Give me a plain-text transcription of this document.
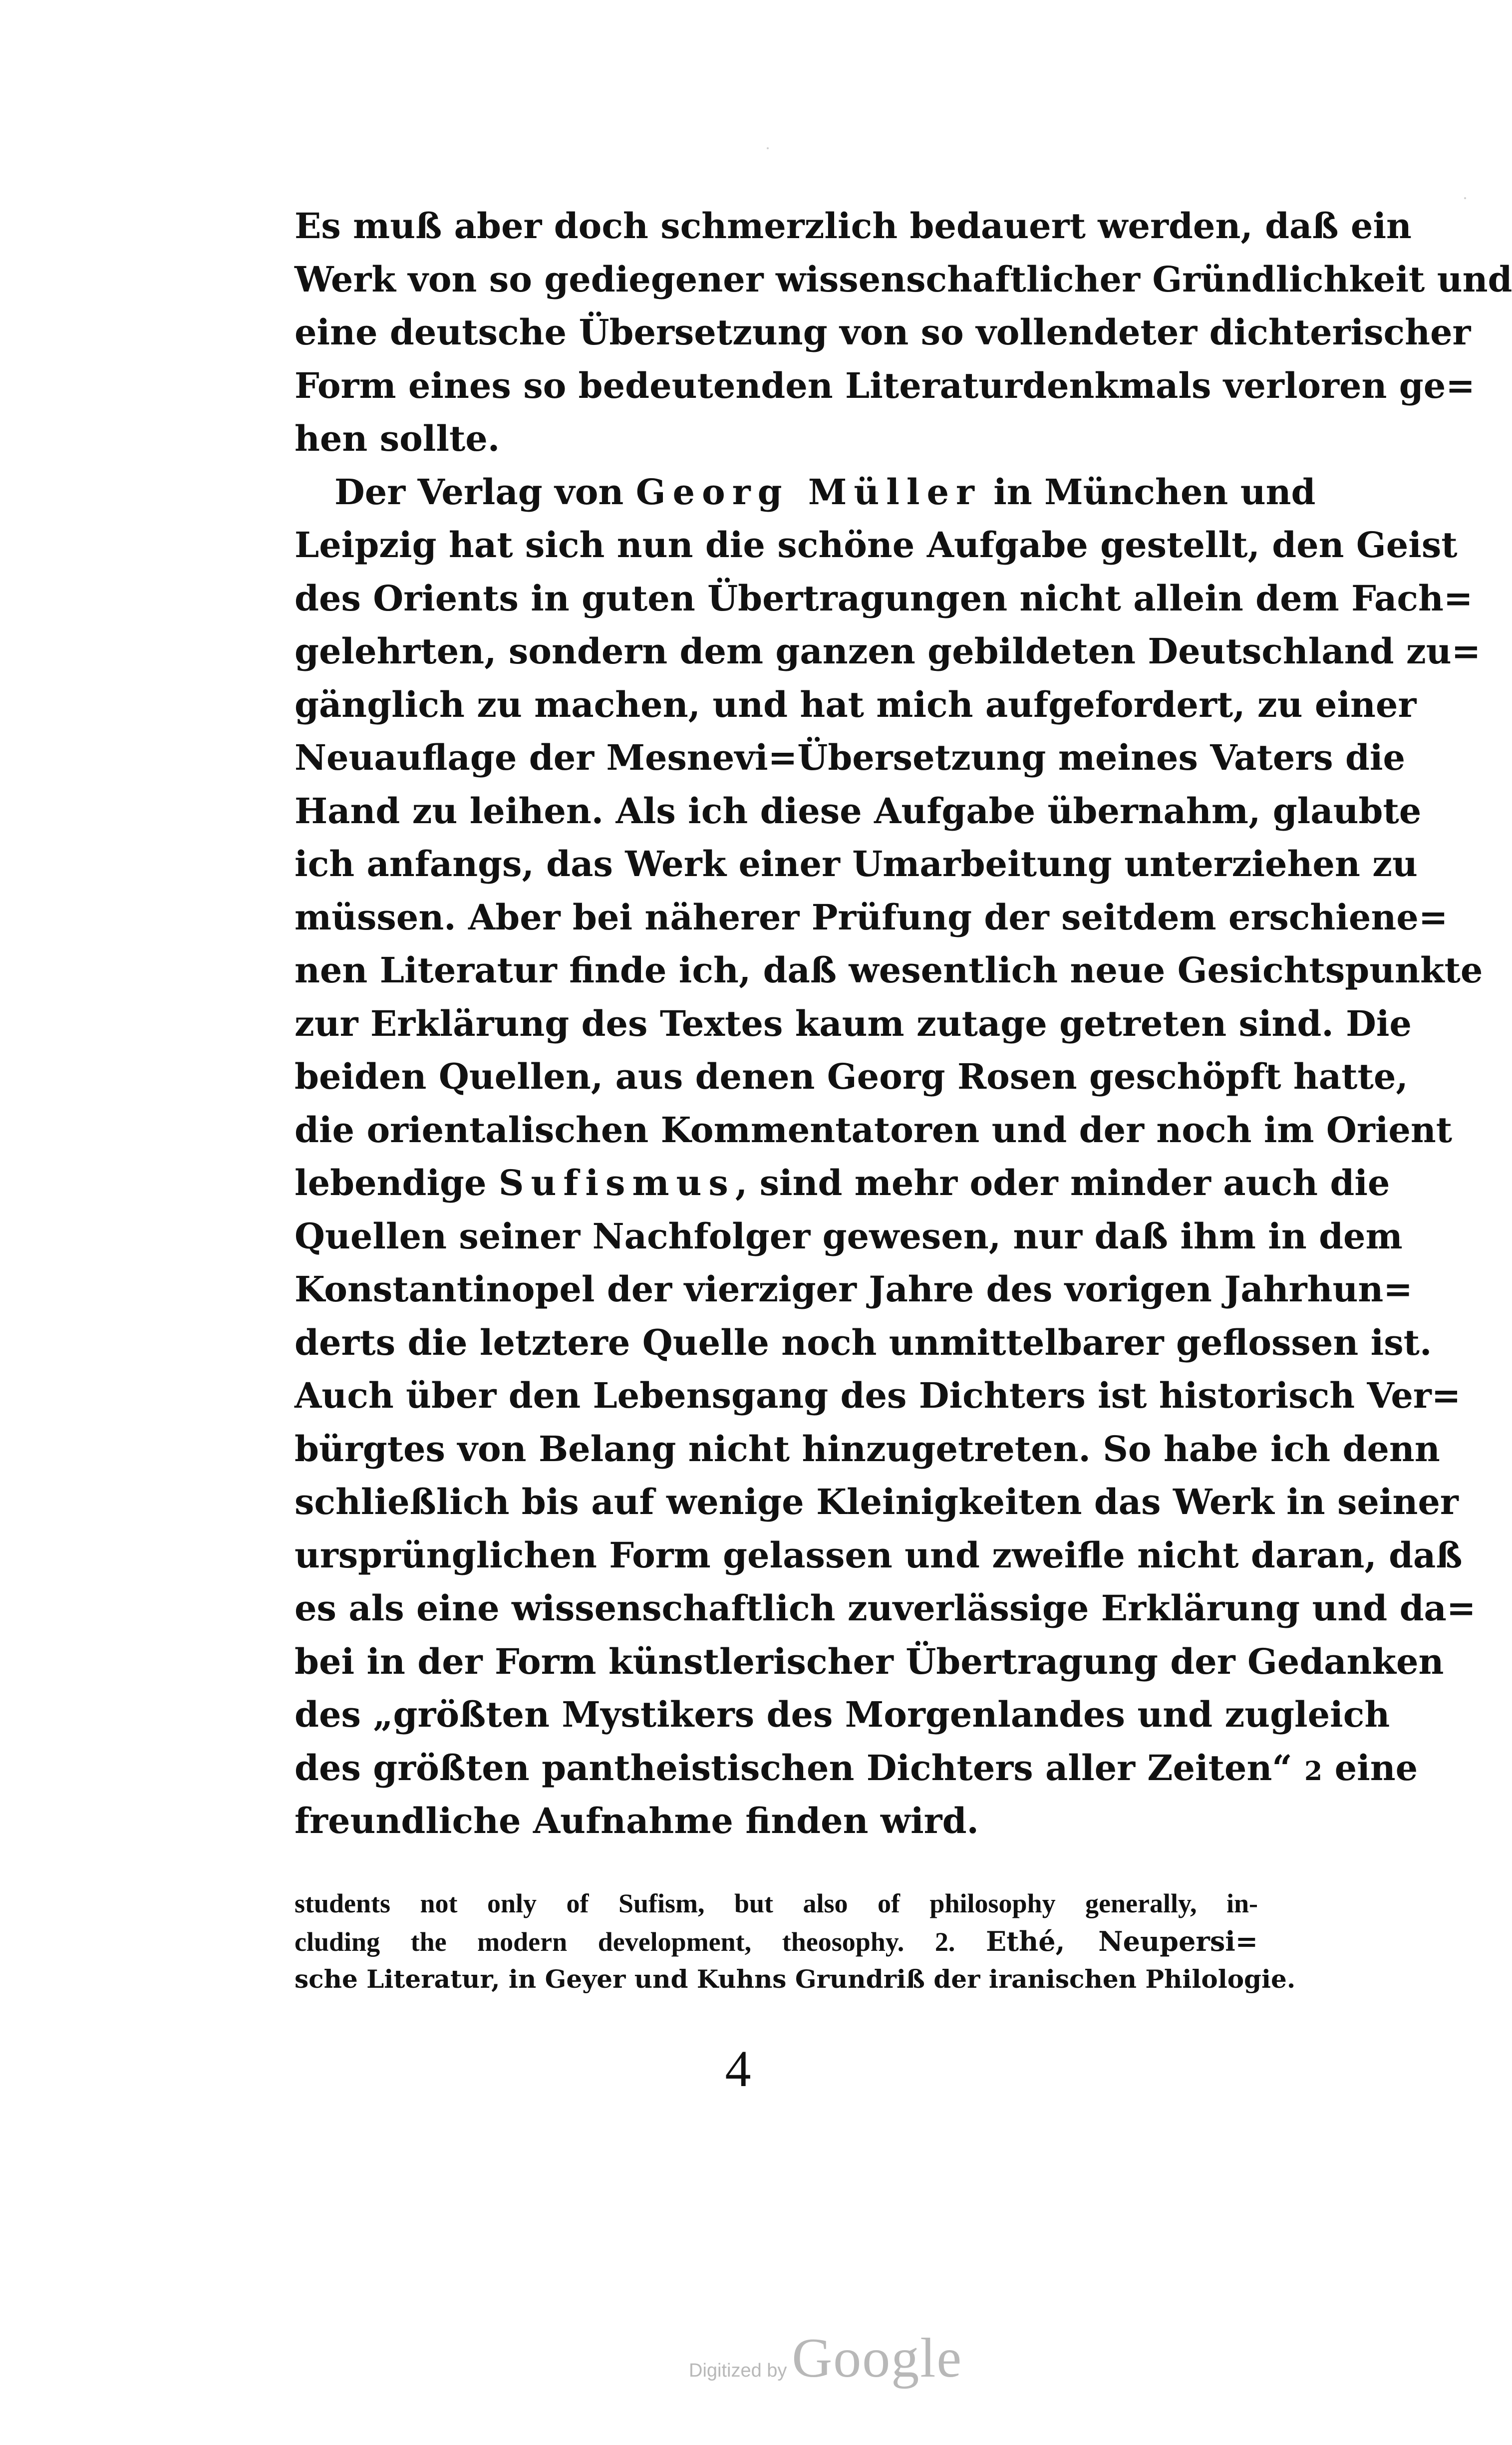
Es muß aber doch schmerzlich bedauert werden, daß ein
Werk von so gediegener wissenschaftlicher Gründlichkeit und
eine deutsche Übersetzung von so vollendeter dichterischer
Form eines so bedeutenden Literaturdenkmals verloren ge=
hen sollte.
Der Verlag von Georg Müller in München und
Leipzig hat sich nun die schöne Aufgabe gestellt, den Geist
des Orients in guten Übertragungen nicht allein dem Fach=
gelehrten, sondern dem ganzen gebildeten Deutschland zu=
gänglich zu machen, und hat mich aufgefordert, zu einer
Neuauflage der Mesnevi=Übersetzung meines Vaters die
Hand zu leihen. Als ich diese Aufgabe übernahm, glaubte
ich anfangs, das Werk einer Umarbeitung unterziehen zu
müssen. Aber bei näherer Prüfung der seitdem erschiene=
nen Literatur finde ich, daß wesentlich neue Gesichtspunkte
zur Erklärung des Textes kaum zutage getreten sind. Die
beiden Quellen, aus denen Georg Rosen geschöpft hatte,
die orientalischen Kommentatoren und der noch im Orient
lebendige Sufismus, sind mehr oder minder auch die
Quellen seiner Nachfolger gewesen, nur daß ihm in dem
Konstantinopel der vierziger Jahre des vorigen Jahrhun=
derts die letztere Quelle noch unmittelbarer geflossen ist.
Auch über den Lebensgang des Dichters ist historisch Ver=
bürgtes von Belang nicht hinzugetreten. So habe ich denn
schließlich bis auf wenige Kleinigkeiten das Werk in seiner
ursprünglichen Form gelassen und zweifle nicht daran, daß
es als eine wissenschaftlich zuverlässige Erklärung und da=
bei in der Form künstlerischer Übertragung der Gedanken
des „größten Mystikers des Morgenlandes und zugleich
des größten pantheistischen Dichters aller Zeiten“ 2 eine
freundliche Aufnahme finden wird.
students not only of Sufism, but also of philosophy generally, in-
cluding the modern development, theosophy. 2. Ethé, Neupersi=
sche Literatur, in Geyer und Kuhns Grundriß der iranischen Philologie.
4
Digitized by Google
